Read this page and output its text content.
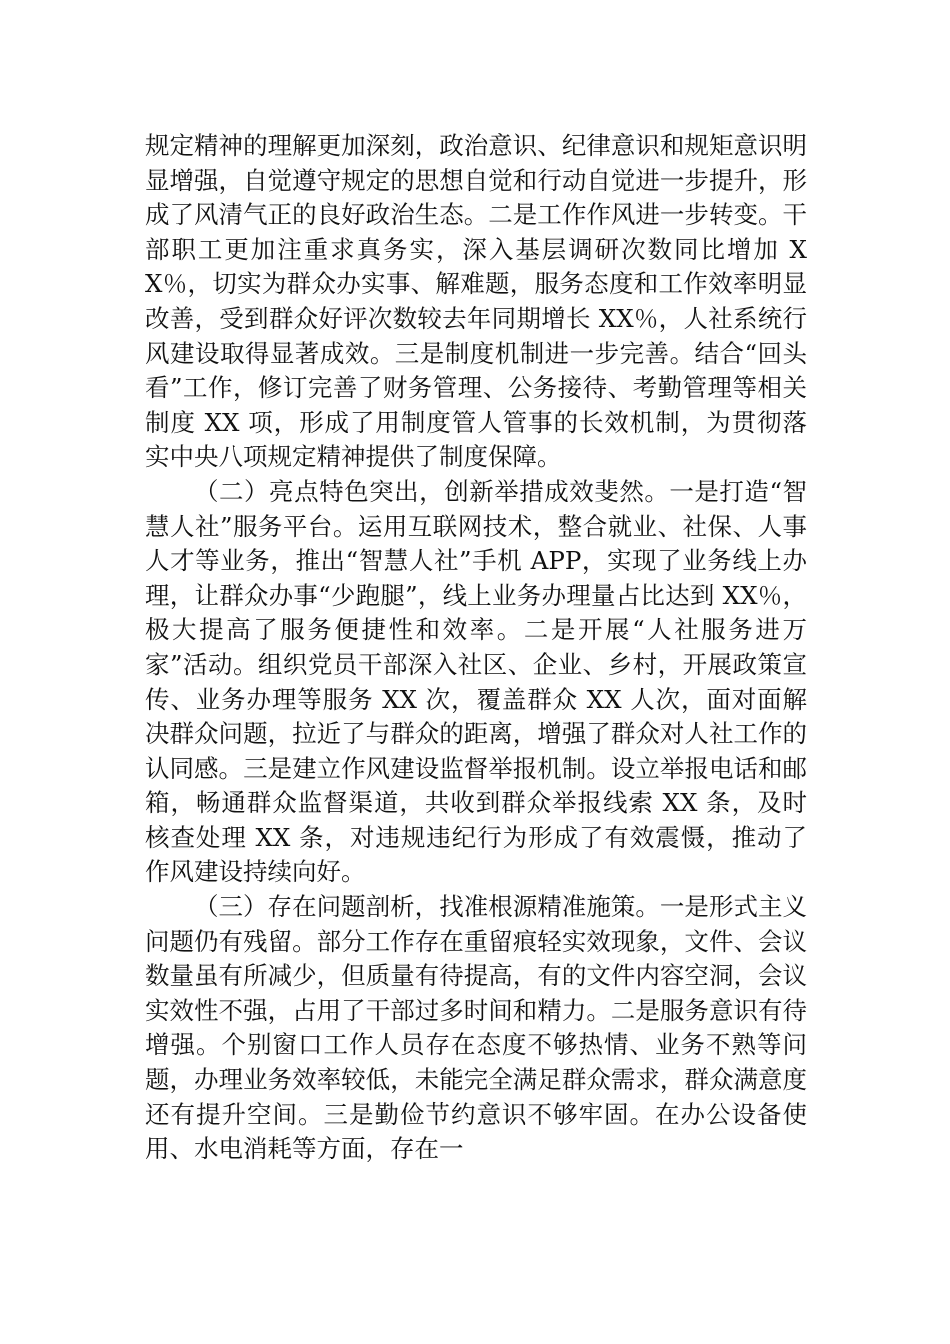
规定精神的理解更加深刻，政治意识、纪律意识和规矩意识明显增强，自觉遵守规定的思想自觉和行动自觉进一步提升，形成了风清气正的良好政治生态。二是工作作风进一步转变。干部职工更加注重求真务实，深入基层调研次数同比增加 XX％，切实为群众办实事、解难题，服务态度和工作效率明显改善，受到群众好评次数较去年同期增长 XX％，人社系统行风建设取得显著成效。三是制度机制进一步完善。结合“回头看”工作，修订完善了财务管理、公务接待、考勤管理等相关制度 XX 项，形成了用制度管人管事的长效机制，为贯彻落实中央八项规定精神提供了制度保障。

（二）亮点特色突出，创新举措成效斐然。一是打造“智慧人社”服务平台。运用互联网技术，整合就业、社保、人事人才等业务，推出“智慧人社”手机 APP，实现了业务线上办理，让群众办事“少跑腿”，线上业务办理量占比达到 XX％，极大提高了服务便捷性和效率。二是开展“人社服务进万家”活动。组织党员干部深入社区、企业、乡村，开展政策宣传、业务办理等服务 XX 次，覆盖群众 XX 人次，面对面解决群众问题，拉近了与群众的距离，增强了群众对人社工作的认同感。三是建立作风建设监督举报机制。设立举报电话和邮箱，畅通群众监督渠道，共收到群众举报线索 XX 条，及时核查处理 XX 条，对违规违纪行为形成了有效震慑，推动了作风建设持续向好。

（三）存在问题剖析，找准根源精准施策。一是形式主义问题仍有残留。部分工作存在重留痕轻实效现象，文件、会议数量虽有所减少，但质量有待提高，有的文件内容空洞，会议实效性不强，占用了干部过多时间和精力。二是服务意识有待增强。个别窗口工作人员存在态度不够热情、业务不熟等问题，办理业务效率较低，未能完全满足群众需求，群众满意度还有提升空间。三是勤俭节约意识不够牢固。在办公设备使用、水电消耗等方面，存在一
